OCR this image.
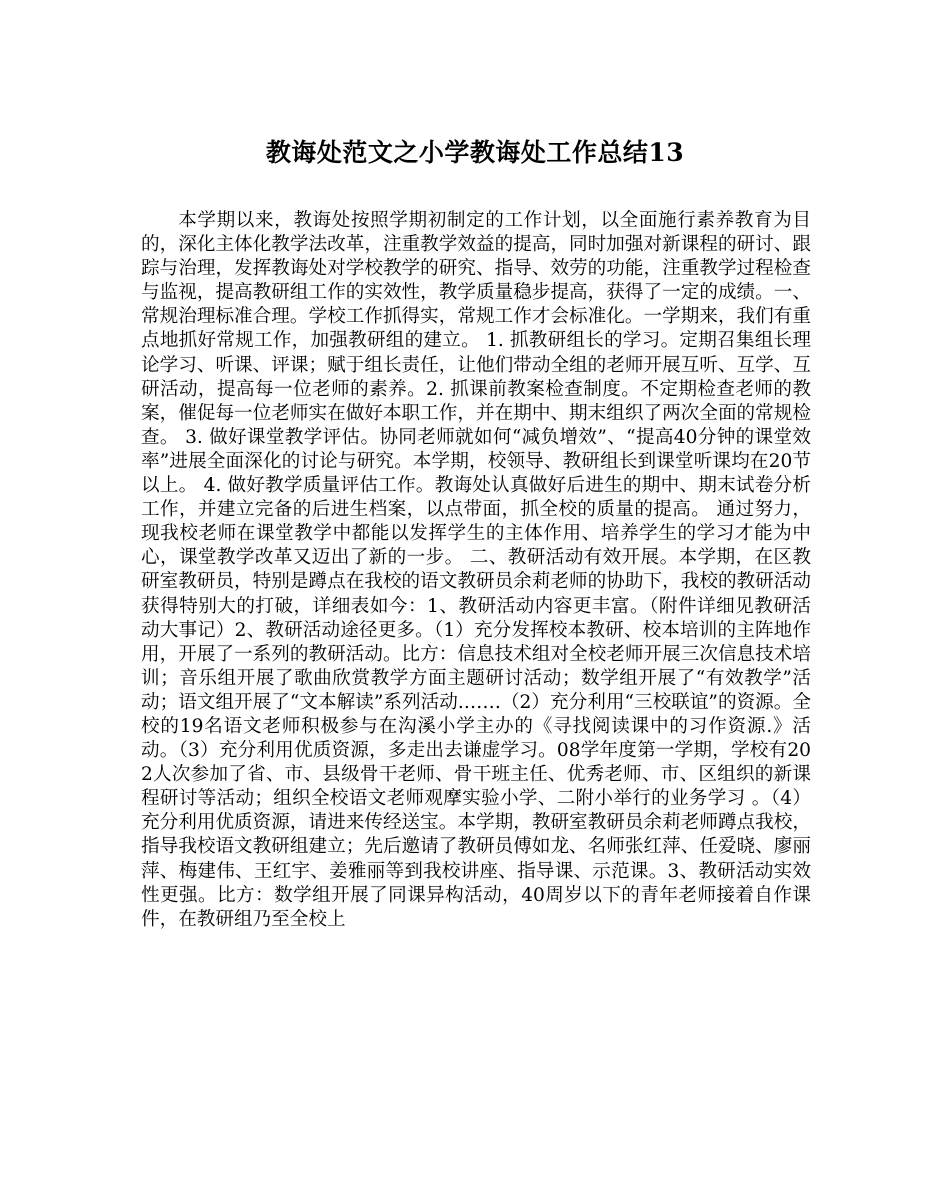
教诲处范文之小学教诲处工作总结13

本学期以来，教诲处按照学期初制定的工作计划，以全面施行素养教育为目的，深化主体化教学法改革，注重教学效益的提高，同时加强对新课程的研讨、跟踪与治理，发挥教诲处对学校教学的研究、指导、效劳的功能，注重教学过程检查与监视，提高教研组工作的实效性，教学质量稳步提高，获得了一定的成绩。一、常规治理标准合理。学校工作抓得实，常规工作才会标准化。一学期来，我们有重点地抓好常规工作，加强教研组的建立。 1. 抓教研组长的学习。定期召集组长理论学习、听课、评课；赋于组长责任，让他们带动全组的老师开展互听、互学、互研活动，提高每一位老师的素养。2. 抓课前教案检查制度。不定期检查老师的教案，催促每一位老师实在做好本职工作，并在期中、期末组织了两次全面的常规检查。 3. 做好课堂教学评估。协同老师就如何“减负增效”、“提高40分钟的课堂效率”进展全面深化的讨论与研究。本学期，校领导、教研组长到课堂听课均在20节以上。 4. 做好教学质量评估工作。教诲处认真做好后进生的期中、期末试卷分析工作，并建立完备的后进生档案，以点带面，抓全校的质量的提高。 通过努力，现我校老师在课堂教学中都能以发挥学生的主体作用、培养学生的学习才能为中心，课堂教学改革又迈出了新的一步。 二、教研活动有效开展。本学期，在区教研室教研员，特别是蹲点在我校的语文教研员余莉老师的协助下，我校的教研活动获得特别大的打破，详细表如今：1、教研活动内容更丰富。（附件详细见教研活动大事记）2、教研活动途径更多。（1）充分发挥校本教研、校本培训的主阵地作用，开展了一系列的教研活动。比方：信息技术组对全校老师开展三次信息技术培训；音乐组开展了歌曲欣赏教学方面主题研讨活动；数学组开展了“有效教学”活动；语文组开展了“文本解读”系列活动.……（2）充分利用“三校联谊”的资源。全校的19名语文老师积极参与在沟溪小学主办的《寻找阅读课中的习作资源.》活动。（3）充分利用优质资源，多走出去谦虚学习。08学年度第一学期，学校有202人次参加了省、市、县级骨干老师、骨干班主任、优秀老师、市、区组织的新课程研讨等活动；组织全校语文老师观摩实验小学、二附小举行的业务学习 。（4）充分利用优质资源，请进来传经送宝。本学期，教研室教研员余莉老师蹲点我校，指导我校语文教研组建立；先后邀请了教研员傅如龙、名师张红萍、任爱晓、廖丽萍、梅建伟、王红宇、姜雅丽等到我校讲座、指导课、示范课。3、教研活动实效性更强。比方：数学组开展了同课异构活动，40周岁以下的青年老师接着自作课件，在教研组乃至全校上
